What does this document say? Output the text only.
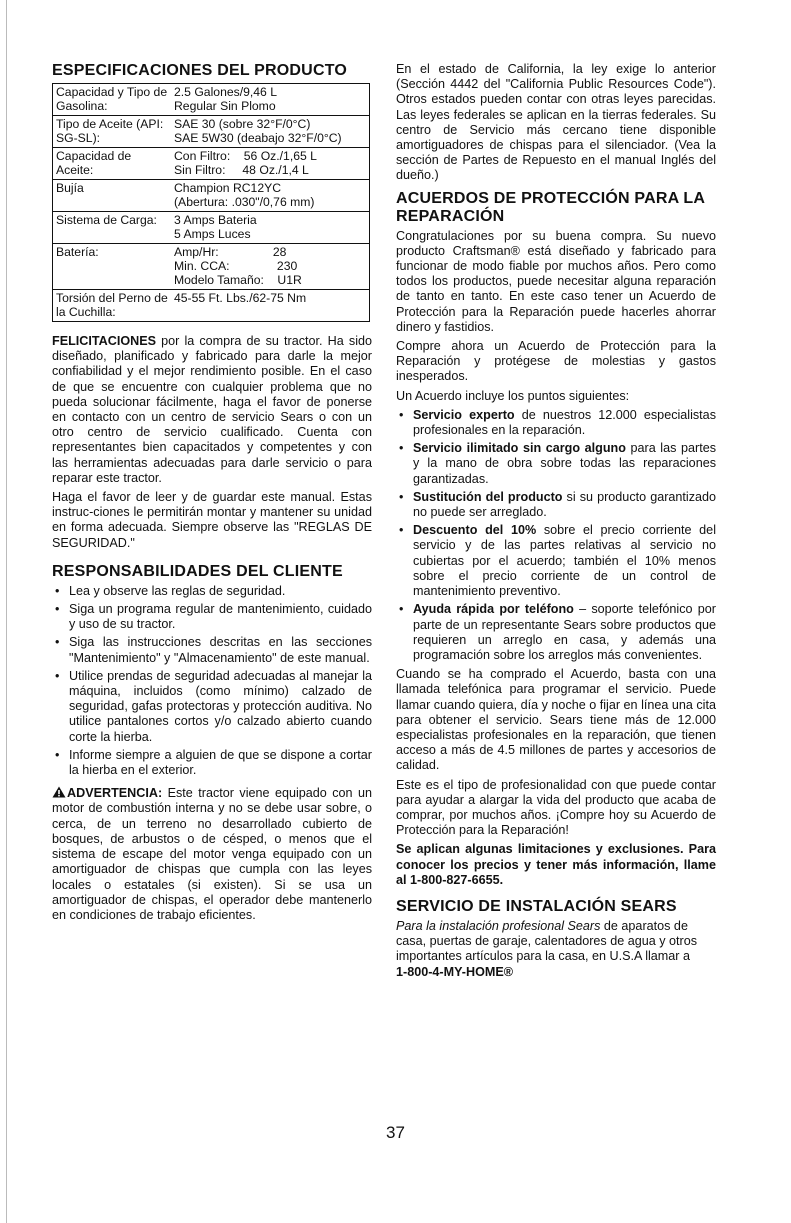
ESPECIFICACIONES DEL PRODUCTO
Capacidad y Tipo de Gasolina:	2.5 Galones/9,46 L
Regular Sin Plomo
Tipo de Aceite (API: SG-SL):	SAE 30 (sobre 32°F/0°C)
SAE 5W30 (deabajo 32°F/0°C)
Capacidad de Aceite:	Con Filtro:    56 Oz./1,65 L
Sin Filtro:     48 Oz./1,4 L
Bujía	Champion RC12YC
(Abertura: .030"/0,76 mm)
Sistema de Carga:	3 Amps Bateria
5 Amps Luces
Batería:	Amp/Hr:                28
Min. CCA:              230
Modelo Tamaño:    U1R
Torsión del Perno de la Cuchilla:	45-55 Ft. Lbs./62-75 Nm

FELICITACIONES por la compra de su tractor. Ha sido diseñado, planificado y fabricado para darle la mejor confiabilidad y el mejor rendimiento posible. En el caso de que se encuentre con cualquier problema que no pueda solucionar fácilmente, haga el favor de ponerse en contacto con un centro de servicio Sears o con un otro centro de servicio cualificado. Cuenta con representantes bien capacitados y competentes y con las herramientas adecuadas para darle servicio o para reparar este tractor.

Haga el favor de leer y de guardar este manual. Estas instruc-ciones le permitirán montar y mantener su unidad en forma adecuada. Siempre observe las "REGLAS DE SEGURIDAD."

RESPONSABILIDADES DEL CLIENTE
• Lea y observe las reglas de seguridad.
• Siga un programa regular de mantenimiento, cuidado y uso de su tractor.
• Siga las instrucciones descritas en las secciones "Mantenimiento" y "Almacenamiento" de este manual.
• Utilice prendas de seguridad adecuadas al manejar la máquina, incluidos (como mínimo) calzado de seguridad, gafas protectoras y protección auditiva. No utilice pantalones cortos y/o calzado abierto cuando corte la hierba.
• Informe siempre a alguien de que se dispone a cortar la hierba en el exterior.

ADVERTENCIA: Este tractor viene equipado con un motor de combustión interna y no se debe usar sobre, o cerca, de un terreno no desarrollado cubierto de bosques, de arbustos o de césped, o menos que el sistema de escape del motor venga equipado con un amortiguador de chispas que cumpla con las leyes locales o estatales (si existen). Si se usa un amortiguador de chispas, el operador debe mantenerlo en condiciones de trabajo eficientes.

En el estado de California, la ley exige lo anterior (Sección 4442 del "California Public Resources Code"). Otros estados pueden contar con otras leyes parecidas. Las leyes federales se aplican en la tierras federales. Su centro de Servicio más cercano tiene disponible amortiguadores de chispas para el silenciador. (Vea la sección de Partes de Repuesto en el manual Inglés del dueño.)

ACUERDOS DE PROTECCIÓN PARA LA REPARACIÓN

Congratulaciones por su buena compra. Su nuevo producto Craftsman® está diseñado y fabricado para funcionar de modo fiable por muchos años. Pero como todos los productos, puede necesitar alguna reparación de tanto en tanto. En este caso tener un Acuerdo de Protección para la Reparación puede hacerles ahorrar dinero y fastidios.

Compre ahora un Acuerdo de Protección para la Reparación y protégese de molestias y gastos inesperados.

Un Acuerdo incluye los puntos siguientes:

• Servicio experto de nuestros 12.000 especialistas profesionales en la reparación.
• Servicio ilimitado sin cargo alguno para las partes y la mano de obra sobre todas las reparaciones garantizadas.
• Sustitución del producto si su producto garantizado no puede ser arreglado.
• Descuento del 10% sobre el precio corriente del servicio y de las partes relativas al servicio no cubiertas por el acuerdo; también el 10% menos sobre el precio corriente de un control de mantenimiento preventivo.
• Ayuda rápida por teléfono – soporte telefónico por parte de un representante Sears sobre productos que requieren un arreglo en casa, y además una programación sobre los arreglos más convenientes.

Cuando se ha comprado el Acuerdo, basta con una llamada telefónica para programar el servicio. Puede llamar cuando quiera, día y noche o fijar en línea una cita para obtener el servicio. Sears tiene más de 12.000 especialistas profesionales en la reparación, que tienen acceso a más de 4.5 millones de partes y accesorios de calidad.

Este es el tipo de profesionalidad con que puede contar para ayudar a alargar la vida del producto que acaba de comprar, por muchos años. ¡Compre hoy su Acuerdo de Protección para la Reparación!

Se aplican algunas limitaciones y exclusiones. Para conocer los precios y tener más información, llame al 1-800-827-6655.

SERVICIO DE INSTALACIÓN SEARS

Para la instalación profesional Sears de aparatos de casa, puertas de garaje, calentadores de agua y otros importantes artículos para la casa, en U.S.A llamar a
1-800-4-MY-HOME®

37
